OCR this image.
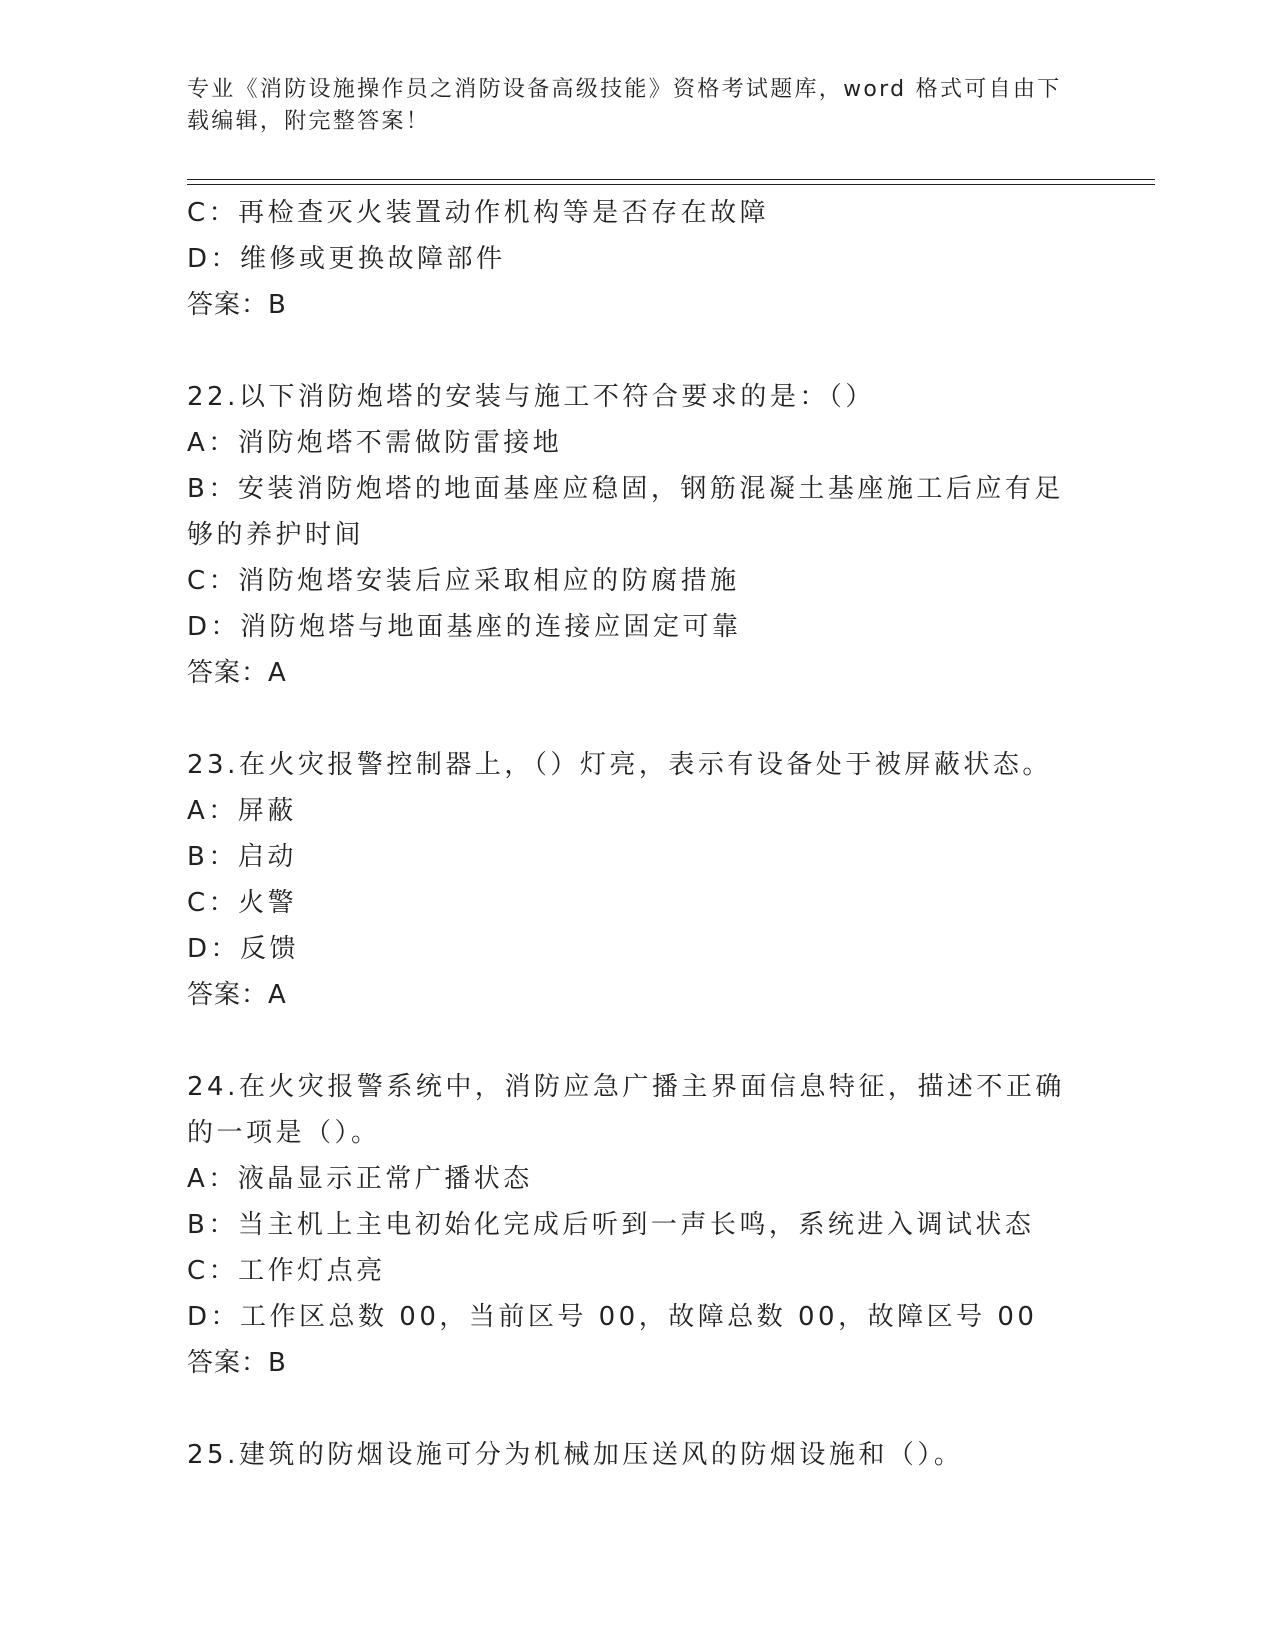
专业《消防设施操作员之消防设备高级技能》资格考试题库，word 格式可自由下载编辑，附完整答案！
C：再检查灭火装置动作机构等是否存在故障
D：维修或更换故障部件
答案：B
22.以下消防炮塔的安装与施工不符合要求的是：（）
A：消防炮塔不需做防雷接地
B：安装消防炮塔的地面基座应稳固，钢筋混凝土基座施工后应有足够的养护时间
C：消防炮塔安装后应采取相应的防腐措施
D：消防炮塔与地面基座的连接应固定可靠
答案：A
23.在火灾报警控制器上，（）灯亮，表示有设备处于被屏蔽状态。
A：屏蔽
B：启动
C：火警
D：反馈
答案：A
24.在火灾报警系统中，消防应急广播主界面信息特征，描述不正确的一项是（）。
A：液晶显示正常广播状态
B：当主机上主电初始化完成后听到一声长鸣，系统进入调试状态
C：工作灯点亮
D：工作区总数 00，当前区号 00，故障总数 00，故障区号 00
答案：B
25.建筑的防烟设施可分为机械加压送风的防烟设施和（）。
